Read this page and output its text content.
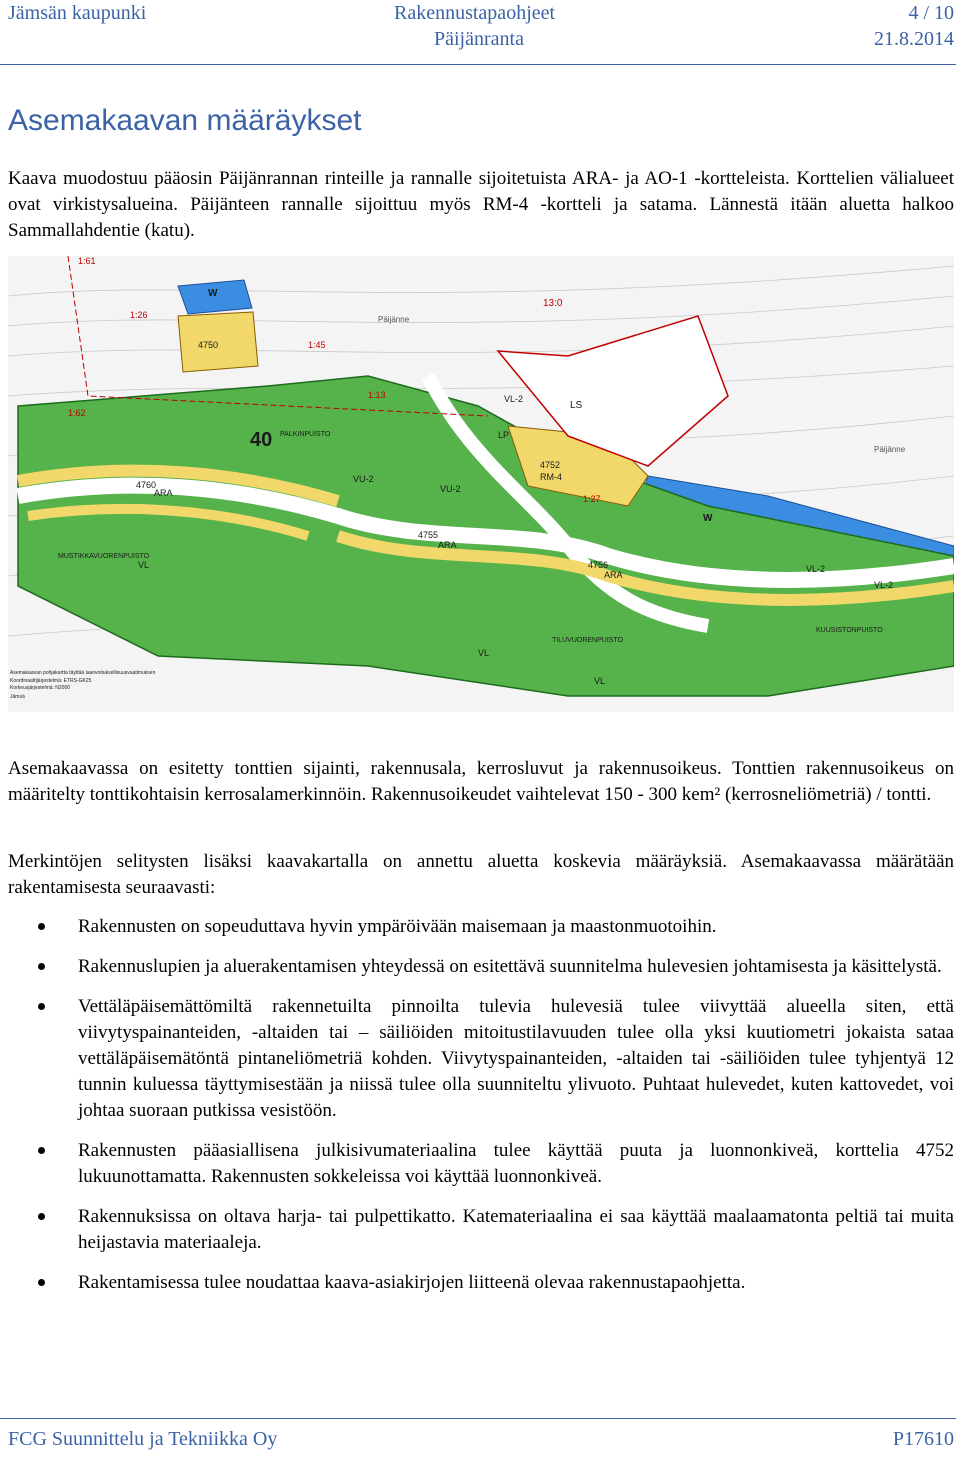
Jämsän kaupunki	Rakennustapaohjeet	4 / 10
Päijänranta	21.8.2014
Asemakaavan määräykset

Kaava muodostuu pääosin Päijänrannan rinteille ja rannalle sijoitetuista ARA- ja AO-1 -kortteleista. Korttelien välialueet ovat virkistysalueina. Päijänteen rannalle sijoittuu myös RM-4 -kortteli ja satama. Lännestä itään aluetta halkoo Sammallahdentie (katu).

W
W
40
LS
LP
VU-2
VU-2
VL
VL
VL
VL-2
VL-2
VL-2
4752
RM-4
4750
4760
4755
4756
ARA
ARA
ARA
13:0
1:27
1:61
1:62
1:45
1:13
1:26	Päijänne
Päijänne
PALKINPUISTO
MUSTIKKAVUORENPUISTO
TILUVUORENPUISTO
KUUSISTONPUISTO
Asemakaavan pohjakartta täyttää laaovoituksellisuusvaatimuksen
Koordinaattijärjestelmä: ETRS-GK25
Korkeusjärjestelmä: N2000
Jämsä

Asemakaavassa on esitetty tonttien sijainti, rakennusala, kerrosluvut ja rakennusoikeus. Tonttien rakennusoikeus on määritelty tonttikohtaisin kerrosalamerkinnöin. Rakennusoikeudet vaihtelevat 150 - 300 kem² (kerrosneliömetriä) / tontti.

Merkintöjen selitysten lisäksi kaavakartalla on annettu aluetta koskevia määräyksiä. Asemakaavassa määrätään rakentamisesta seuraavasti:

Rakennusten on sopeuduttava hyvin ympäröivään maisemaan ja maastonmuotoihin.
Rakennuslupien ja aluerakentamisen yhteydessä on esitettävä suunnitelma hulevesien johtamisesta ja käsittelystä.
Vettäläpäisemättömiltä rakennetuilta pinnoilta tulevia hulevesiä tulee viivyttää alueella siten, että viivytyspainanteiden, -altaiden tai – säiliöiden mitoitustilavuuden tulee olla yksi kuutiometri jokaista sataa vettäläpäisemätöntä pintaneliömetriä kohden. Viivytyspainanteiden, -altaiden tai -säiliöiden tulee tyhjentyä 12 tunnin kuluessa täyttymisestään ja niissä tulee olla suunniteltu ylivuoto. Puhtaat hulevedet, kuten kattovedet, voi johtaa suoraan putkissa vesistöön.
Rakennusten pääasiallisena julkisivumateriaalina tulee käyttää puuta ja luonnonkiveä, korttelia 4752 lukuunottamatta. Rakennusten sokkeleissa voi käyttää luonnonkiveä.
Rakennuksissa on oltava harja- tai pulpettikatto. Katemateriaalina ei saa käyttää maalaamatonta peltiä tai muita heijastavia materiaaleja.
Rakentamisessa tulee noudattaa kaava-asiakirjojen liitteenä olevaa rakennustapaohjetta.
FCG Suunnittelu ja Tekniikka Oy	P17610
